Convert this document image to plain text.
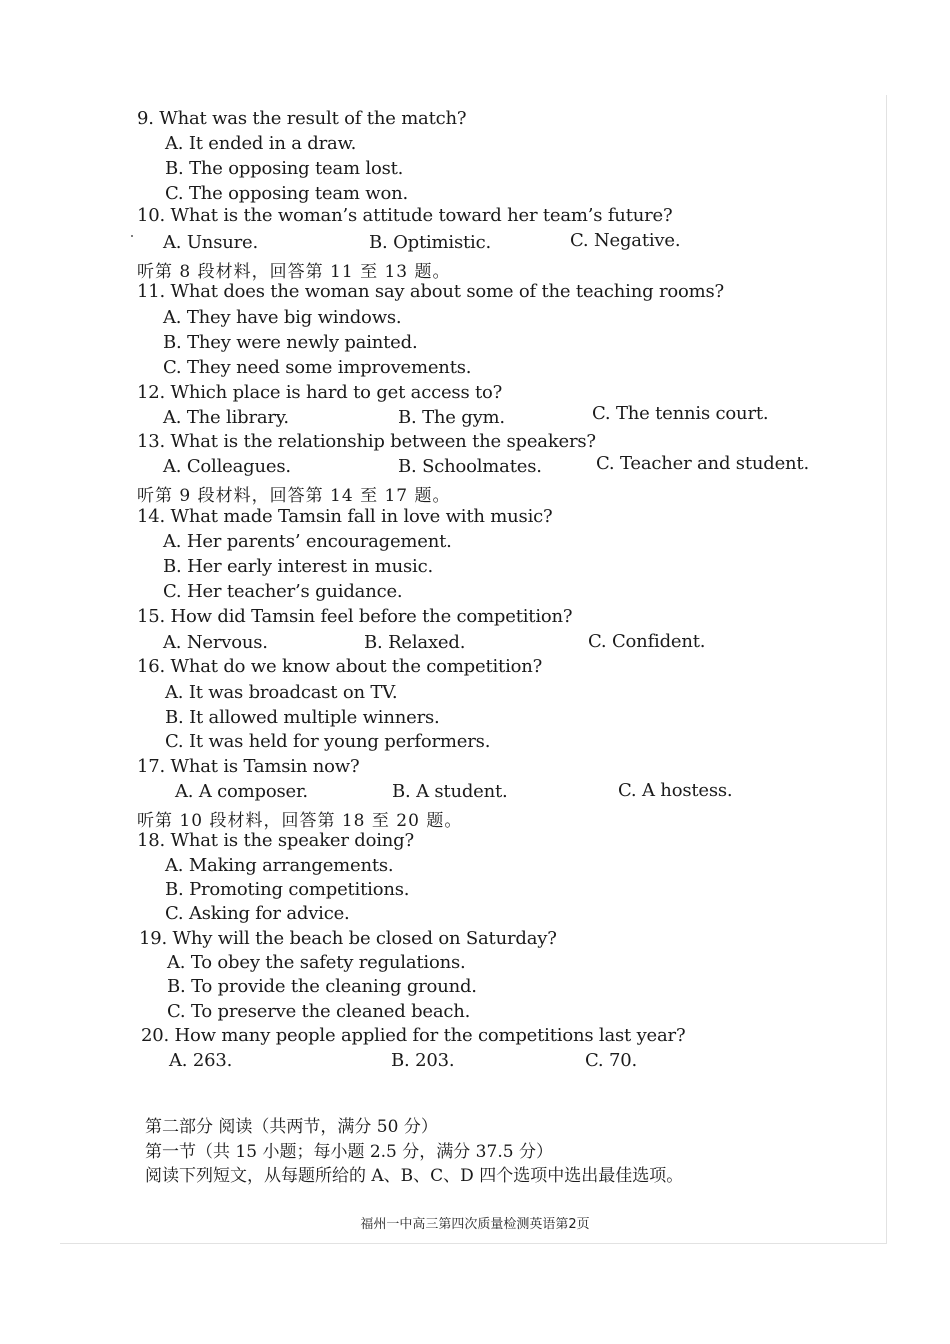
9. What was the result of the match?
A. It ended in a draw.
B. The opposing team lost.
C. The opposing team won.
10. What is the woman’s attitude toward her team’s future?
A. Unsure.	B. Optimistic.	C. Negative.
听第 8 段材料，回答第 11 至 13 题。
11. What does the woman say about some of the teaching rooms?
A. They have big windows.
B. They were newly painted.
C. They need some improvements.
12. Which place is hard to get access to?
A. The library.	B. The gym.	C. The tennis court.
13. What is the relationship between the speakers?
A. Colleagues.	B. Schoolmates.	C. Teacher and student.
听第 9 段材料，回答第 14 至 17 题。
14. What made Tamsin fall in love with music?
A. Her parents’ encouragement.
B. Her early interest in music.
C. Her teacher’s guidance.
15. How did Tamsin feel before the competition?
A. Nervous.	B. Relaxed.	C. Confident.
16. What do we know about the competition?
A. It was broadcast on TV.
B. It allowed multiple winners.
C. It was held for young performers.
17. What is Tamsin now?
A. A composer.	B. A student.	C. A hostess.
听第 10 段材料，回答第 18 至 20 题。
18. What is the speaker doing?
A. Making arrangements.
B. Promoting competitions.
C. Asking for advice.
19. Why will the beach be closed on Saturday?
A. To obey the safety regulations.
B. To provide the cleaning ground.
C. To preserve the cleaned beach.
20. How many people applied for the competitions last year?
A. 263.	B. 203.	C. 70.
第二部分 阅读（共两节，满分 50 分）
第一节（共 15 小题；每小题 2.5 分，满分 37.5 分）
阅读下列短文，从每题所给的 A、B、C、D 四个选项中选出最佳选项。
福州一中高三第四次质量检测英语第2页
